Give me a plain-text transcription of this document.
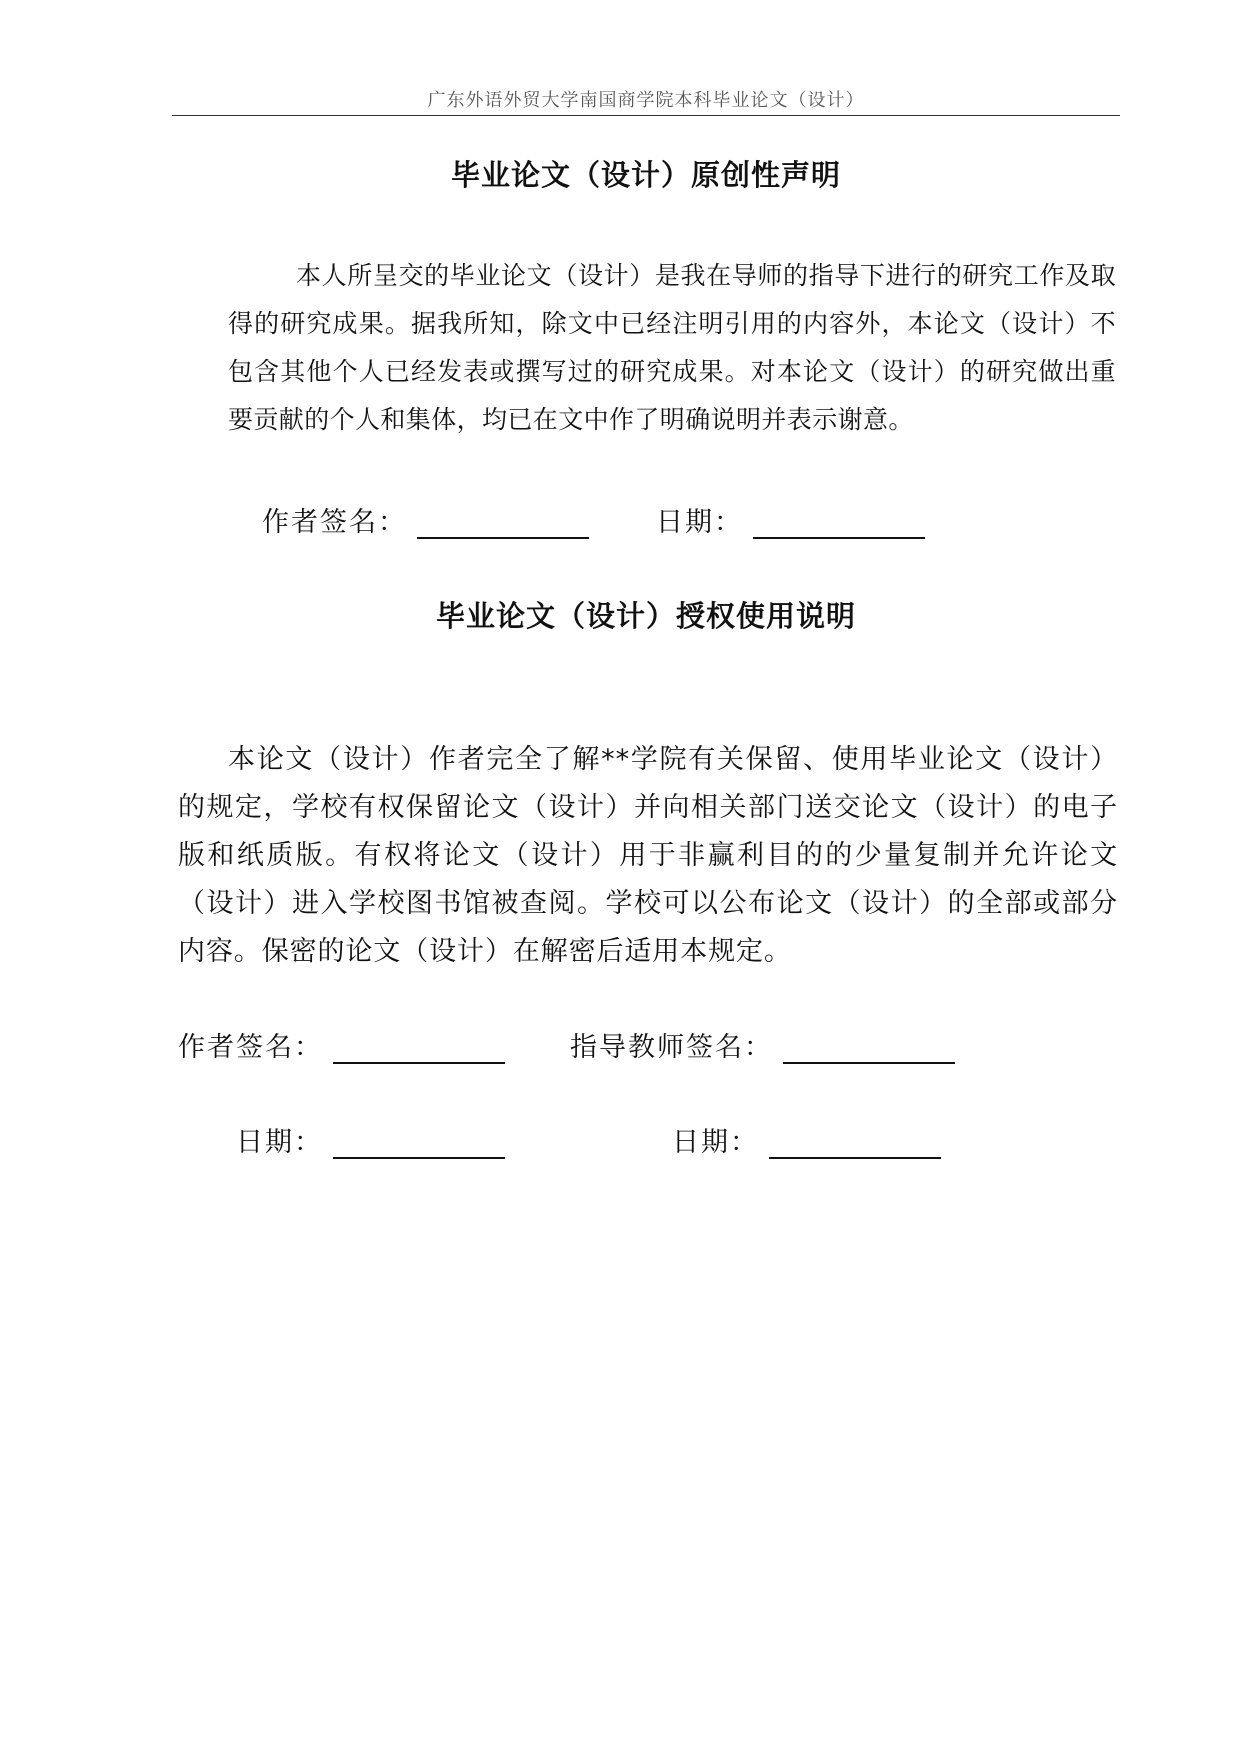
广东外语外贸大学南国商学院本科毕业论文（设计）
毕业论文（设计）原创性声明

本人所呈交的毕业论文（设计）是我在导师的指导下进行的研究工作及取得的研究成果。据我所知，除文中已经注明引用的内容外，本论文（设计）不包含其他个人已经发表或撰写过的研究成果。对本论文（设计）的研究做出重要贡献的个人和集体，均已在文中作了明确说明并表示谢意。

作者签名：	日期：
毕业论文（设计）授权使用说明

本论文（设计）作者完全了解**学院有关保留、使用毕业论文（设计）的规定，学校有权保留论文（设计）并向相关部门送交论文（设计）的电子版和纸质版。有权将论文（设计）用于非赢利目的的少量复制并允许论文（设计）进入学校图书馆被查阅。学校可以公布论文（设计）的全部或部分内容。保密的论文（设计）在解密后适用本规定。

作者签名：	指导教师签名：
日期：	日期：
